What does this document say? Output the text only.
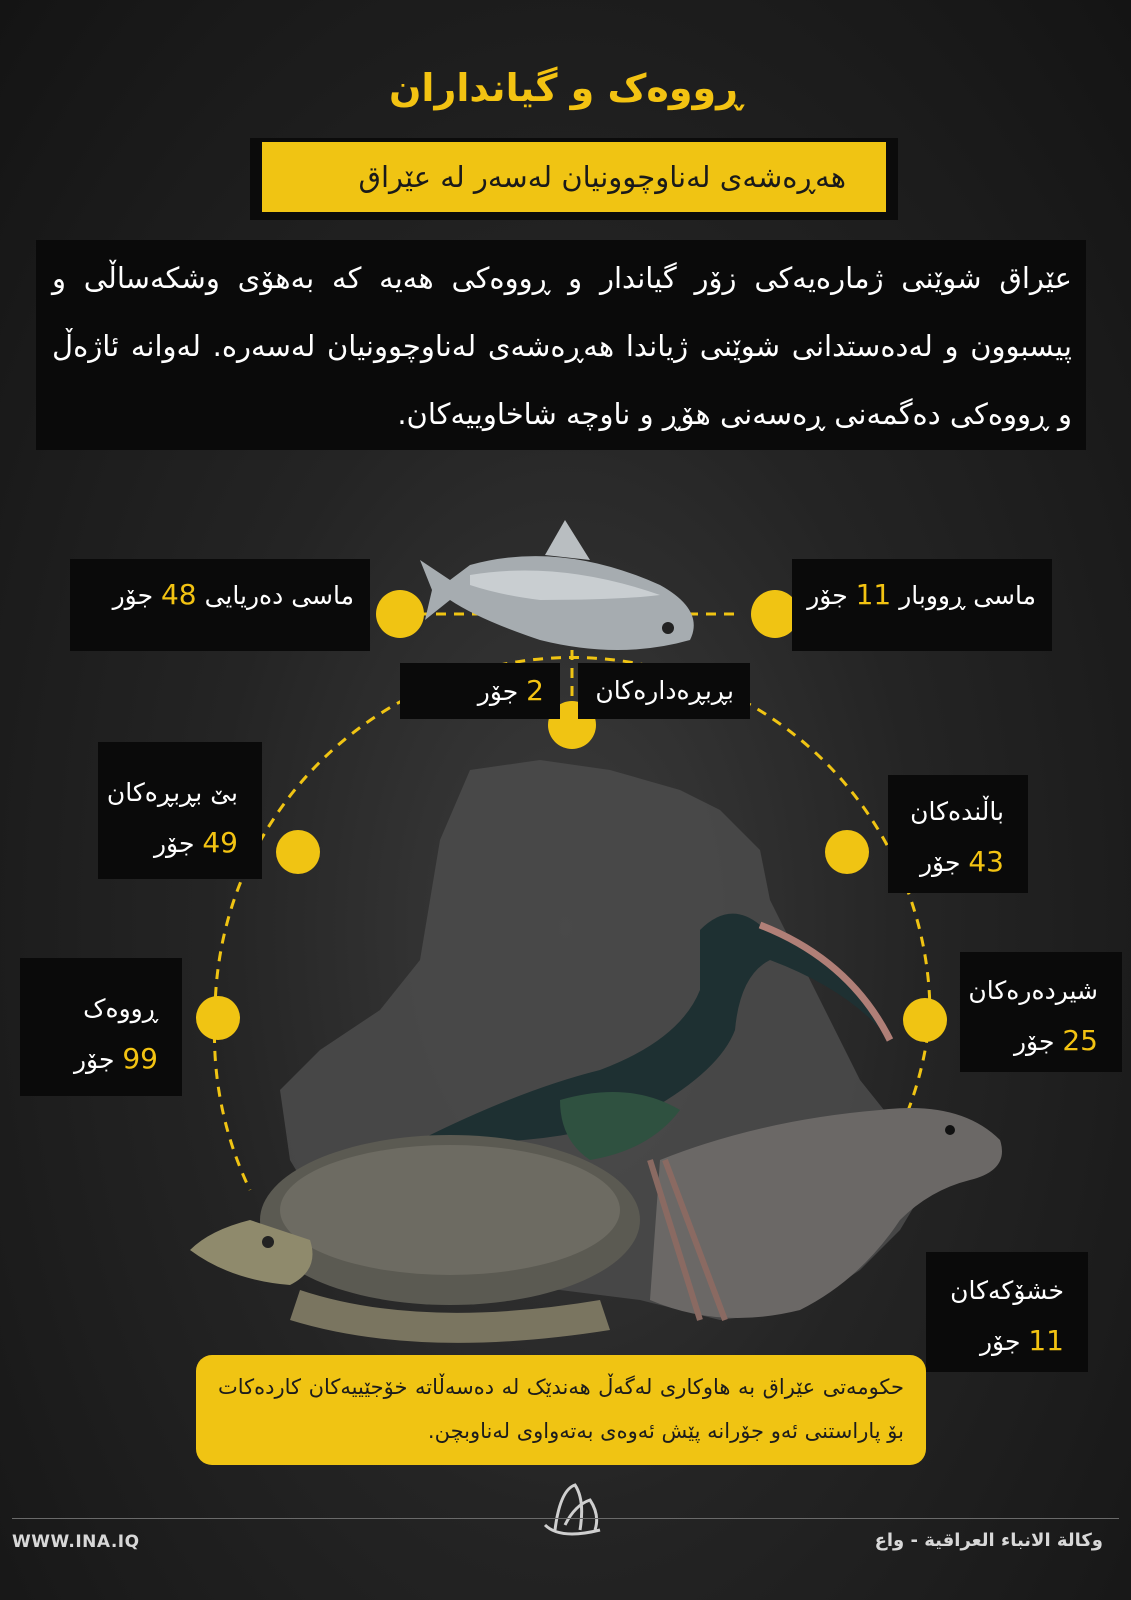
ڕووەک و گیانداران
هەڕەشەی لەناوچوونیان لەسەر لە عێراق
عێراق شوێنی ژمارەیەکی زۆر گیاندار و ڕووەکی هەیە کە بەهۆی وشکەساڵی و پیسبوون و لەدەستدانی شوێنی ژیاندا هەڕەشەی لەناوچوونیان لەسەرە. لەوانە ئاژەڵ و ڕووەکی دەگمەنی ڕەسەنی هۆڕ و ناوچە شاخاوییەکان.
ماسی دەریایی 48 جۆر	ماسی ڕووبار 11 جۆر
2 جۆر	بڕبڕەدارەکان
بێ بڕبڕەکان
49 جۆر
باڵندەکان
43 جۆر
ڕووەک
99 جۆر
شیردەرەکان
25 جۆر
خشۆکەکان
11 جۆر
حکومەتی عێراق بە هاوکاری لەگەڵ هەندێک لە دەسەڵاتە خۆجێییەکان کاردەکات بۆ پاراستنی ئەو جۆرانە پێش ئەوەی بەتەواوی لەناوبچن.
WWW.INA.IQ	وكالة الانباء العراقية - واع
